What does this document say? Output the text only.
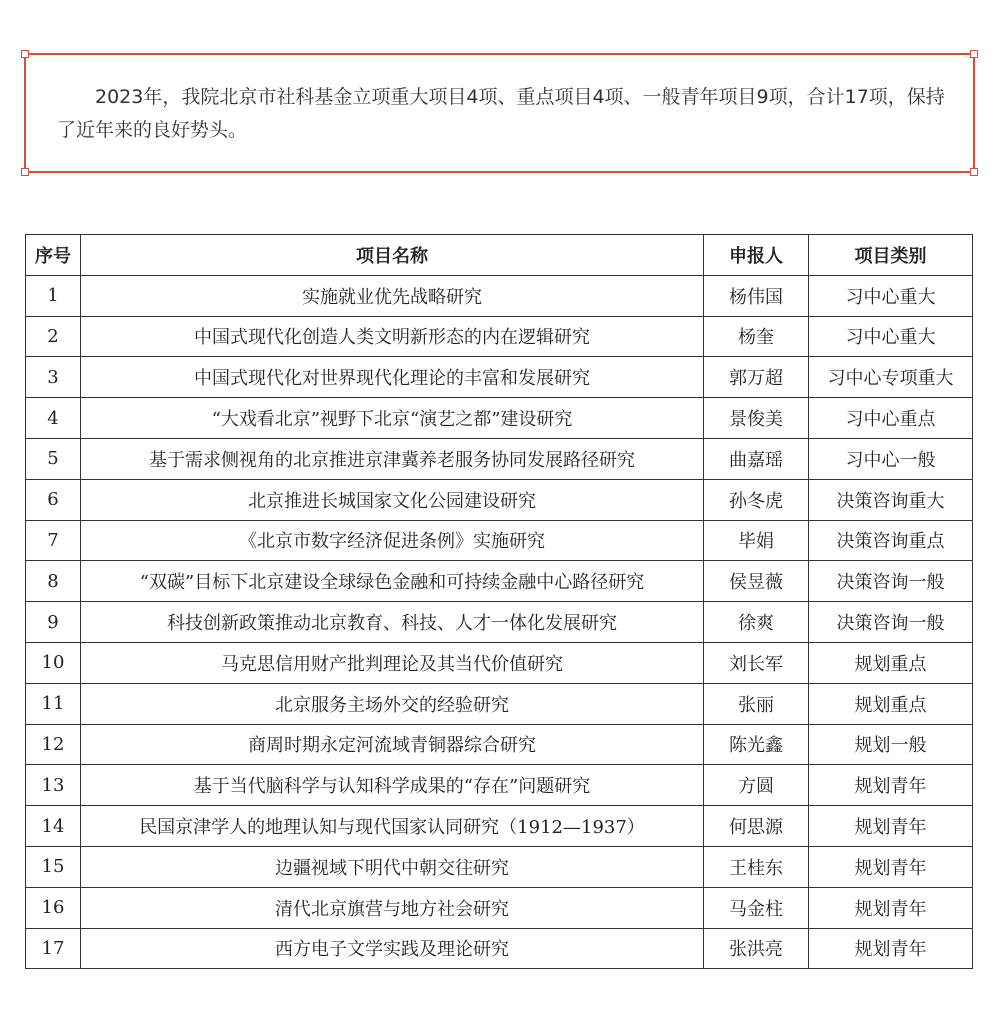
2023年，我院北京市社科基金立项重大项目4项、重点项目4项、一般青年项目9项，合计17项，保持了近年来的良好势头。

序号	项目名称	申报人	项目类别
1	实施就业优先战略研究	杨伟国	习中心重大
2	中国式现代化创造人类文明新形态的内在逻辑研究	杨奎	习中心重大
3	中国式现代化对世界现代化理论的丰富和发展研究	郭万超	习中心专项重大
4	“大戏看北京”视野下北京“演艺之都”建设研究	景俊美	习中心重点
5	基于需求侧视角的北京推进京津冀养老服务协同发展路径研究	曲嘉瑶	习中心一般
6	北京推进长城国家文化公园建设研究	孙冬虎	决策咨询重大
7	《北京市数字经济促进条例》实施研究	毕娟	决策咨询重点
8	“双碳”目标下北京建设全球绿色金融和可持续金融中心路径研究	侯昱薇	决策咨询一般
9	科技创新政策推动北京教育、科技、人才一体化发展研究	徐爽	决策咨询一般
10	马克思信用财产批判理论及其当代价值研究	刘长军	规划重点
11	北京服务主场外交的经验研究	张丽	规划重点
12	商周时期永定河流域青铜器综合研究	陈光鑫	规划一般
13	基于当代脑科学与认知科学成果的“存在”问题研究	方圆	规划青年
14	民国京津学人的地理认知与现代国家认同研究（1912—1937）	何思源	规划青年
15	边疆视域下明代中朝交往研究	王桂东	规划青年
16	清代北京旗营与地方社会研究	马金柱	规划青年
17	西方电子文学实践及理论研究	张洪亮	规划青年
